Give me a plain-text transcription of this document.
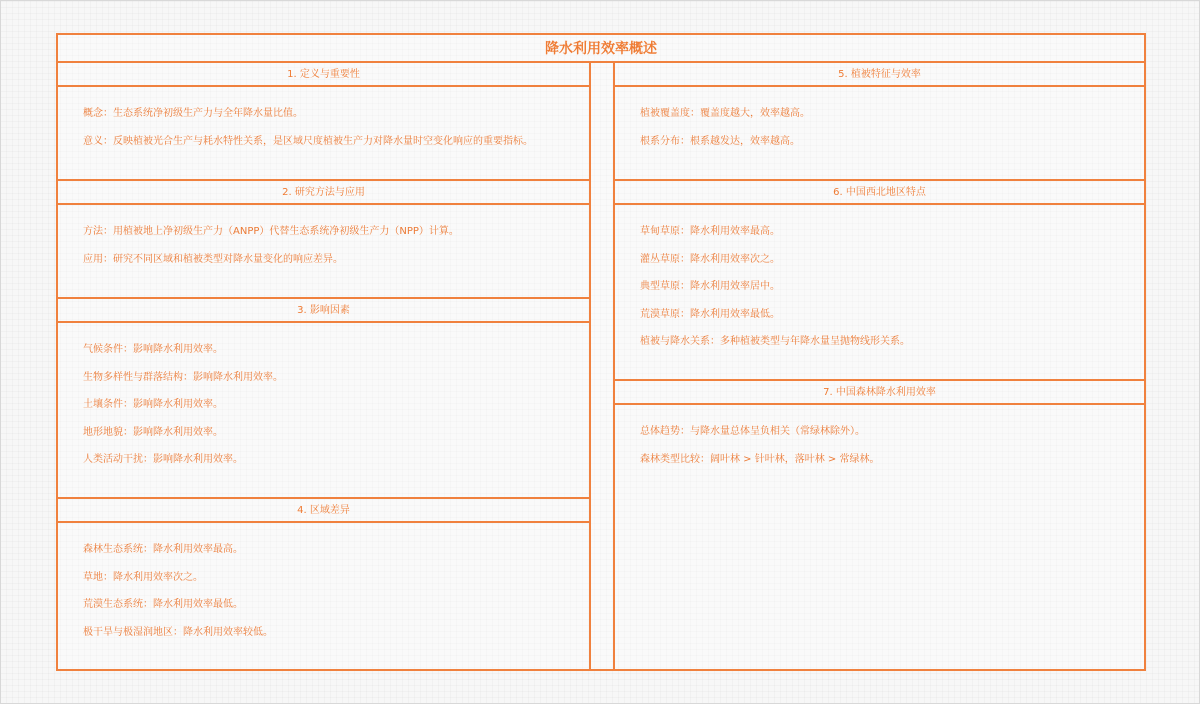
降水利用效率概述
1. 定义与重要性
概念：生态系统净初级生产力与全年降水量比值。
意义：反映植被光合生产与耗水特性关系，是区域尺度植被生产力对降水量时空变化响应的重要指标。
2. 研究方法与应用
方法：用植被地上净初级生产力（ANPP）代替生态系统净初级生产力（NPP）计算。
应用：研究不同区域和植被类型对降水量变化的响应差异。
3. 影响因素
气候条件：影响降水利用效率。
生物多样性与群落结构：影响降水利用效率。
土壤条件：影响降水利用效率。
地形地貌：影响降水利用效率。
人类活动干扰：影响降水利用效率。
4. 区域差异
森林生态系统：降水利用效率最高。
草地：降水利用效率次之。
荒漠生态系统：降水利用效率最低。
极干旱与极湿润地区：降水利用效率较低。
5. 植被特征与效率
植被覆盖度：覆盖度越大，效率越高。
根系分布：根系越发达，效率越高。
6. 中国西北地区特点
草甸草原：降水利用效率最高。
灌丛草原：降水利用效率次之。
典型草原：降水利用效率居中。
荒漠草原：降水利用效率最低。
植被与降水关系：多种植被类型与年降水量呈抛物线形关系。
7. 中国森林降水利用效率
总体趋势：与降水量总体呈负相关（常绿林除外）。
森林类型比较：阔叶林 > 针叶林，落叶林 > 常绿林。
